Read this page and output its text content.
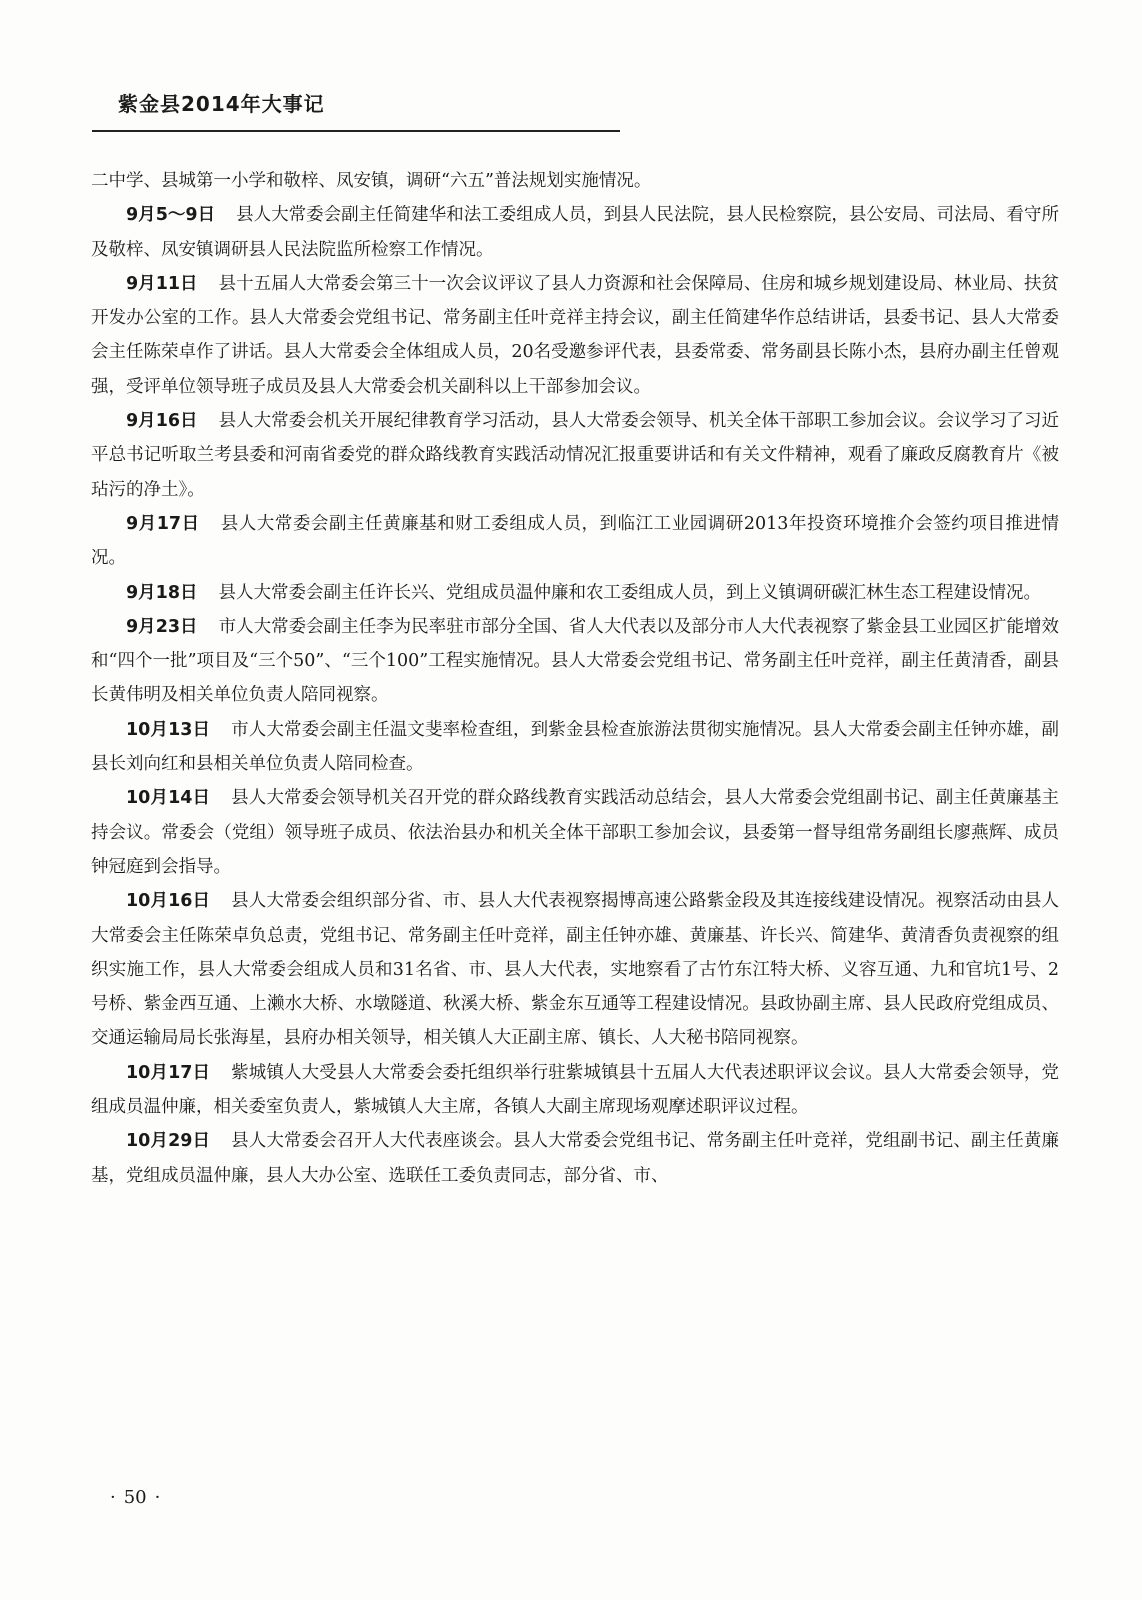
紫金县2014年大事记

二中学、县城第一小学和敬梓、凤安镇，调研“六五”普法规划实施情况。

9月5～9日 县人大常委会副主任简建华和法工委组成人员，到县人民法院，县人民检察院，县公安局、司法局、看守所及敬梓、凤安镇调研县人民法院监所检察工作情况。

9月11日 县十五届人大常委会第三十一次会议评议了县人力资源和社会保障局、住房和城乡规划建设局、林业局、扶贫开发办公室的工作。县人大常委会党组书记、常务副主任叶竞祥主持会议，副主任简建华作总结讲话，县委书记、县人大常委会主任陈荣卓作了讲话。县人大常委会全体组成人员，20名受邀参评代表，县委常委、常务副县长陈小杰，县府办副主任曾观强，受评单位领导班子成员及县人大常委会机关副科以上干部参加会议。

9月16日 县人大常委会机关开展纪律教育学习活动，县人大常委会领导、机关全体干部职工参加会议。会议学习了习近平总书记听取兰考县委和河南省委党的群众路线教育实践活动情况汇报重要讲话和有关文件精神，观看了廉政反腐教育片《被玷污的净土》。

9月17日 县人大常委会副主任黄廉基和财工委组成人员，到临江工业园调研2013年投资环境推介会签约项目推进情况。

9月18日 县人大常委会副主任许长兴、党组成员温仲廉和农工委组成人员，到上义镇调研碳汇林生态工程建设情况。

9月23日 市人大常委会副主任李为民率驻市部分全国、省人大代表以及部分市人大代表视察了紫金县工业园区扩能增效和“四个一批”项目及“三个50”、“三个100”工程实施情况。县人大常委会党组书记、常务副主任叶竞祥，副主任黄清香，副县长黄伟明及相关单位负责人陪同视察。

10月13日 市人大常委会副主任温文斐率检查组，到紫金县检查旅游法贯彻实施情况。县人大常委会副主任钟亦雄，副县长刘向红和县相关单位负责人陪同检查。

10月14日 县人大常委会领导机关召开党的群众路线教育实践活动总结会，县人大常委会党组副书记、副主任黄廉基主持会议。常委会（党组）领导班子成员、依法治县办和机关全体干部职工参加会议，县委第一督导组常务副组长廖燕辉、成员钟冠庭到会指导。

10月16日 县人大常委会组织部分省、市、县人大代表视察揭博高速公路紫金段及其连接线建设情况。视察活动由县人大常委会主任陈荣卓负总责，党组书记、常务副主任叶竞祥，副主任钟亦雄、黄廉基、许长兴、简建华、黄清香负责视察的组织实施工作，县人大常委会组成人员和31名省、市、县人大代表，实地察看了古竹东江特大桥、义容互通、九和官坑1号、2号桥、紫金西互通、上濑水大桥、水墩隧道、秋溪大桥、紫金东互通等工程建设情况。县政协副主席、县人民政府党组成员、交通运输局局长张海星，县府办相关领导，相关镇人大正副主席、镇长、人大秘书陪同视察。

10月17日 紫城镇人大受县人大常委会委托组织举行驻紫城镇县十五届人大代表述职评议会议。县人大常委会领导，党组成员温仲廉，相关委室负责人，紫城镇人大主席，各镇人大副主席现场观摩述职评议过程。

10月29日 县人大常委会召开人大代表座谈会。县人大常委会党组书记、常务副主任叶竞祥，党组副书记、副主任黄廉基，党组成员温仲廉，县人大办公室、选联任工委负责同志，部分省、市、

· 50 ·
